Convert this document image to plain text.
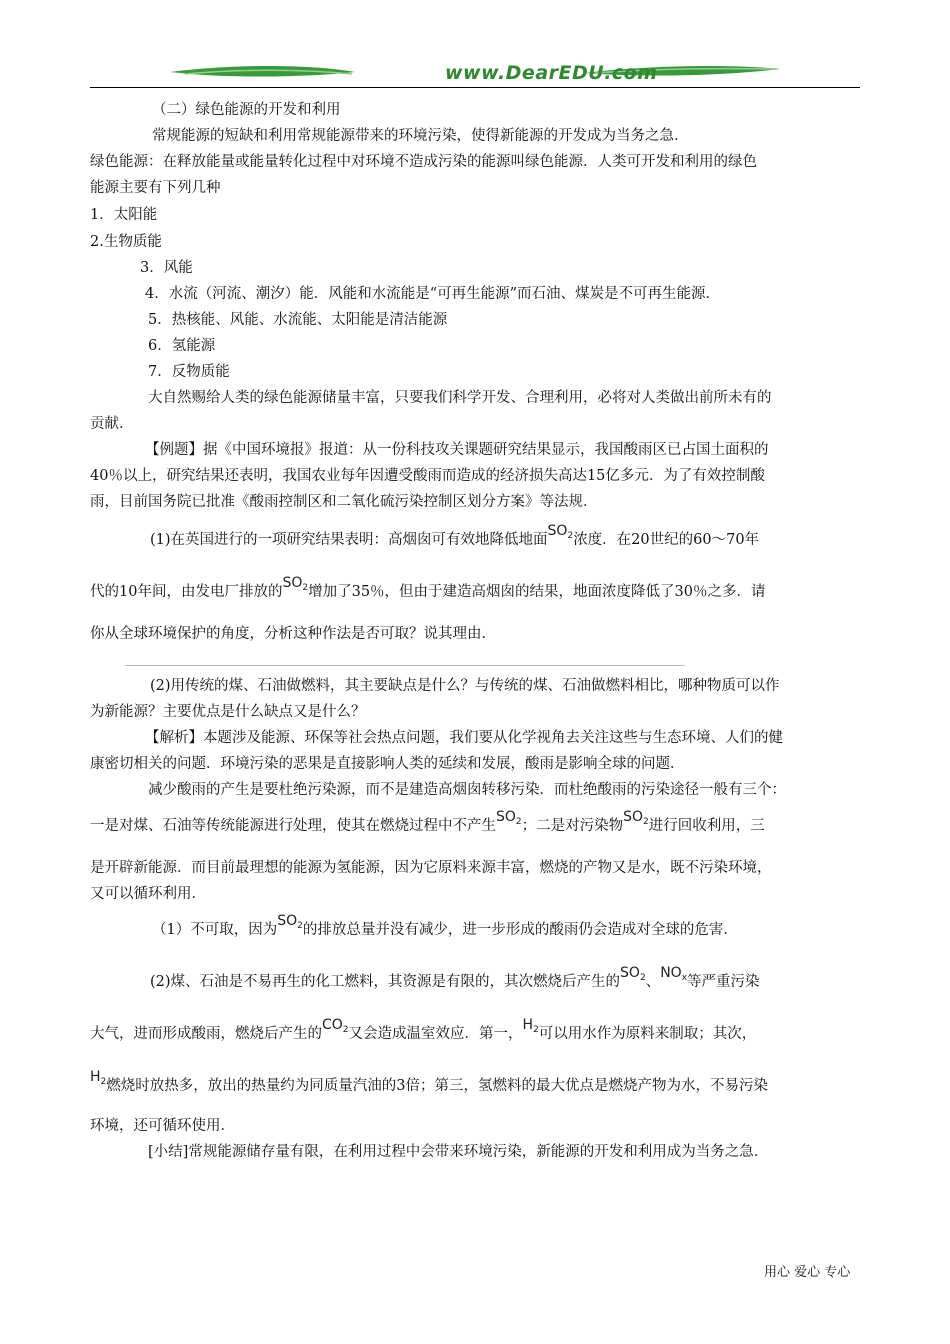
www.DearEDU.com
（二）绿色能源的开发和利用
常规能源的短缺和利用常规能源带来的环境污染，使得新能源的开发成为当务之急．
绿色能源：在释放能量或能量转化过程中对环境不造成污染的能源叫绿色能源．人类可开发和利用的绿色
能源主要有下列几种
1．太阳能
2.生物质能
3．风能
4．水流（河流、潮汐）能．风能和水流能是“可再生能源”而石油、煤炭是不可再生能源．
5．热核能、风能、水流能、太阳能是清洁能源
6．氢能源
7．反物质能
大自然赐给人类的绿色能源储量丰富，只要我们科学开发、合理利用，必将对人类做出前所未有的
贡献．
【例题】据《中国环境报》报道：从一份科技攻关课题研究结果显示，我国酸雨区已占国土面积的
40％以上，研究结果还表明，我国农业每年因遭受酸雨而造成的经济损失高达15亿多元．为了有效控制酸
雨，目前国务院已批准《酸雨控制区和二氧化硫污染控制区划分方案》等法规．
(1)在英国进行的一项研究结果表明：高烟囱可有效地降低地面$SO_2$浓度．在20世纪的60～70年
代的10年间，由发电厂排放的$SO_2$增加了35％，但由于建造高烟囱的结果，地面浓度降低了30％之多．请
你从全球环境保护的角度，分析这种作法是否可取？说其理由．
(2)用传统的煤、石油做燃料，其主要缺点是什么？与传统的煤、石油做燃料相比，哪种物质可以作
为新能源？主要优点是什么缺点又是什么？
【解析】本题涉及能源、环保等社会热点问题，我们要从化学视角去关注这些与生态环境、人们的健
康密切相关的问题．环境污染的恶果是直接影响人类的延续和发展，酸雨是影响全球的问题．
减少酸雨的产生是要杜绝污染源，而不是建造高烟囱转移污染．而杜绝酸雨的污染途径一般有三个：
一是对煤、石油等传统能源进行处理，使其在燃烧过程中不产生$SO_2$；二是对污染物$SO_2$进行回收利用，三
是开辟新能源．而目前最理想的能源为氢能源，因为它原料来源丰富，燃烧的产物又是水，既不污染环境，
又可以循环利用．
（1）不可取，因为$SO_2$的排放总量并没有减少，进一步形成的酸雨仍会造成对全球的危害．
(2)煤、石油是不易再生的化工燃料，其资源是有限的，其次燃烧后产生的$SO_2$、$NO_x$等严重污染
大气，进而形成酸雨，燃烧后产生的$CO_2$又会造成温室效应．第一，$H_2$可以用水作为原料来制取；其次，
$H_2$燃烧时放热多，放出的热量约为同质量汽油的3倍；第三，氢燃料的最大优点是燃烧产物为水，不易污染
环境，还可循环使用．
[小结]常规能源储存量有限，在利用过程中会带来环境污染，新能源的开发和利用成为当务之急．
用心 爱心 专心
